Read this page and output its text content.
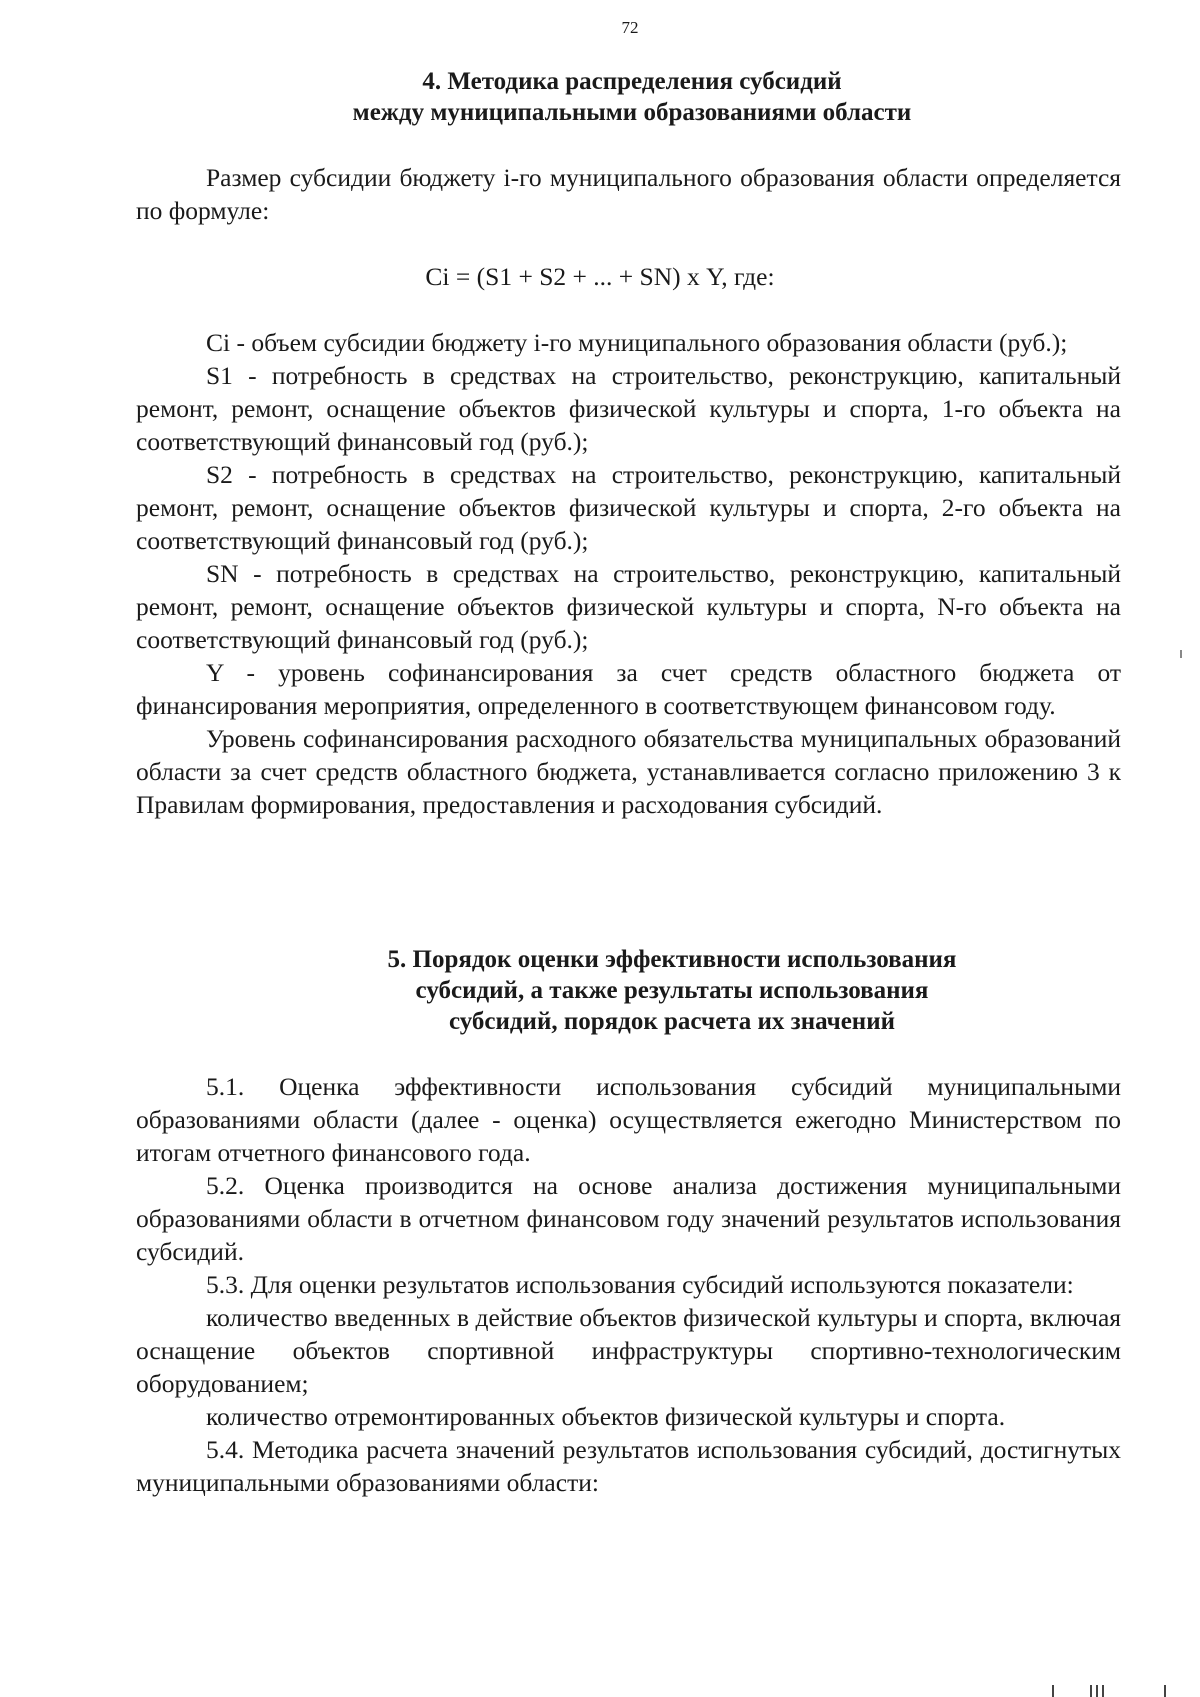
72
4. Методика распределения субсидий
между муниципальными образованиями области

Размер субсидии бюджету i-го муниципального образования области определяется по формуле:

Ci = (S1 + S2 + ... + SN) х Y, где:

Ci - объем субсидии бюджету i-го муниципального образования области (руб.);

S1 - потребность в средствах на строительство, реконструкцию, капитальный ремонт, ремонт, оснащение объектов физической культуры и спорта, 1-го объекта на соответствующий финансовый год (руб.);

S2 - потребность в средствах на строительство, реконструкцию, капитальный ремонт, ремонт, оснащение объектов физической культуры и спорта, 2-го объекта на соответствующий финансовый год (руб.);

SN - потребность в средствах на строительство, реконструкцию, капитальный ремонт, ремонт, оснащение объектов физической культуры и спорта, N-го объекта на соответствующий финансовый год (руб.);

Y - уровень софинансирования за счет средств областного бюджета от финансирования мероприятия, определенного в соответствующем финансовом году.

Уровень софинансирования расходного обязательства муниципальных образований области за счет средств областного бюджета, устанавливается согласно приложению 3 к Правилам формирования, предоставления и расходования субсидий.

5. Порядок оценки эффективности использования
субсидий, а также результаты использования
субсидий, порядок расчета их значений

5.1. Оценка эффективности использования субсидий муниципальными образованиями области (далее - оценка) осуществляется ежегодно Министерством по итогам отчетного финансового года.

5.2. Оценка производится на основе анализа достижения муниципальными образованиями области в отчетном финансовом году значений результатов использования субсидий.

5.3. Для оценки результатов использования субсидий используются показатели:

количество введенных в действие объектов физической культуры и спорта, включая оснащение объектов спортивной инфраструктуры спортивно-технологическим оборудованием;

количество отремонтированных объектов физической культуры и спорта.

5.4. Методика расчета значений результатов использования субсидий, достигнутых муниципальными образованиями области:
